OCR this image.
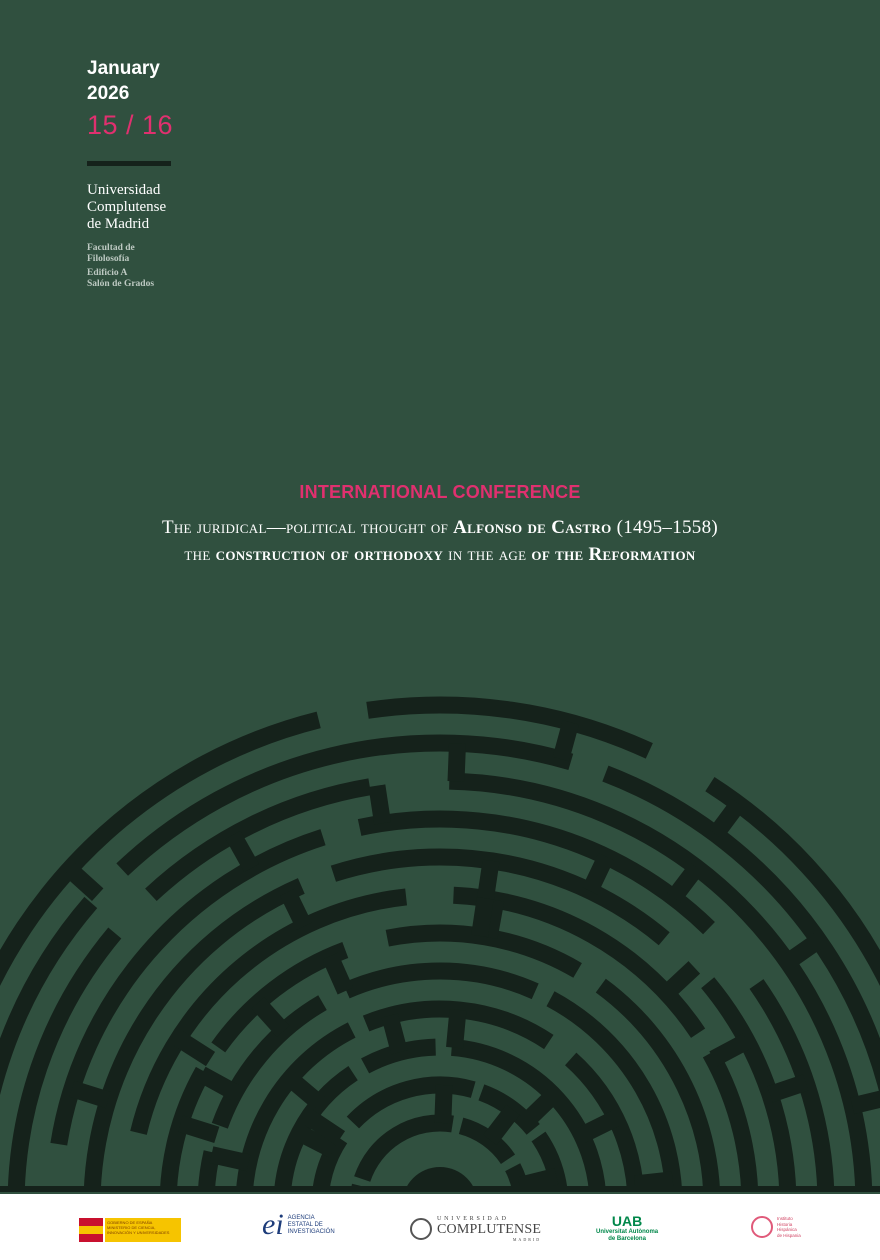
January
2026
15 / 16
Universidad
Complutense
de Madrid
Facultad de
Filolosofía
Edificio A
Salón de Grados
INTERNATIONAL CONFERENCE
The juridical—political thought of Alfonso de Castro (1495–1558)
the construction of orthodoxy in the age of the Reformation
GOBIERNO DE ESPAÑA
MINISTERIO DE CIENCIA, INNOVACIÓN Y UNIVERSIDADES	ei AGENCIA
ESTATAL DE
INVESTIGACIÓN
UNIVERSIDAD
COMPLUTENSE
MADRID
UAB
Universitat Autònoma
de Barcelona
Instituto
Historia
Hispánica
de Hispania
